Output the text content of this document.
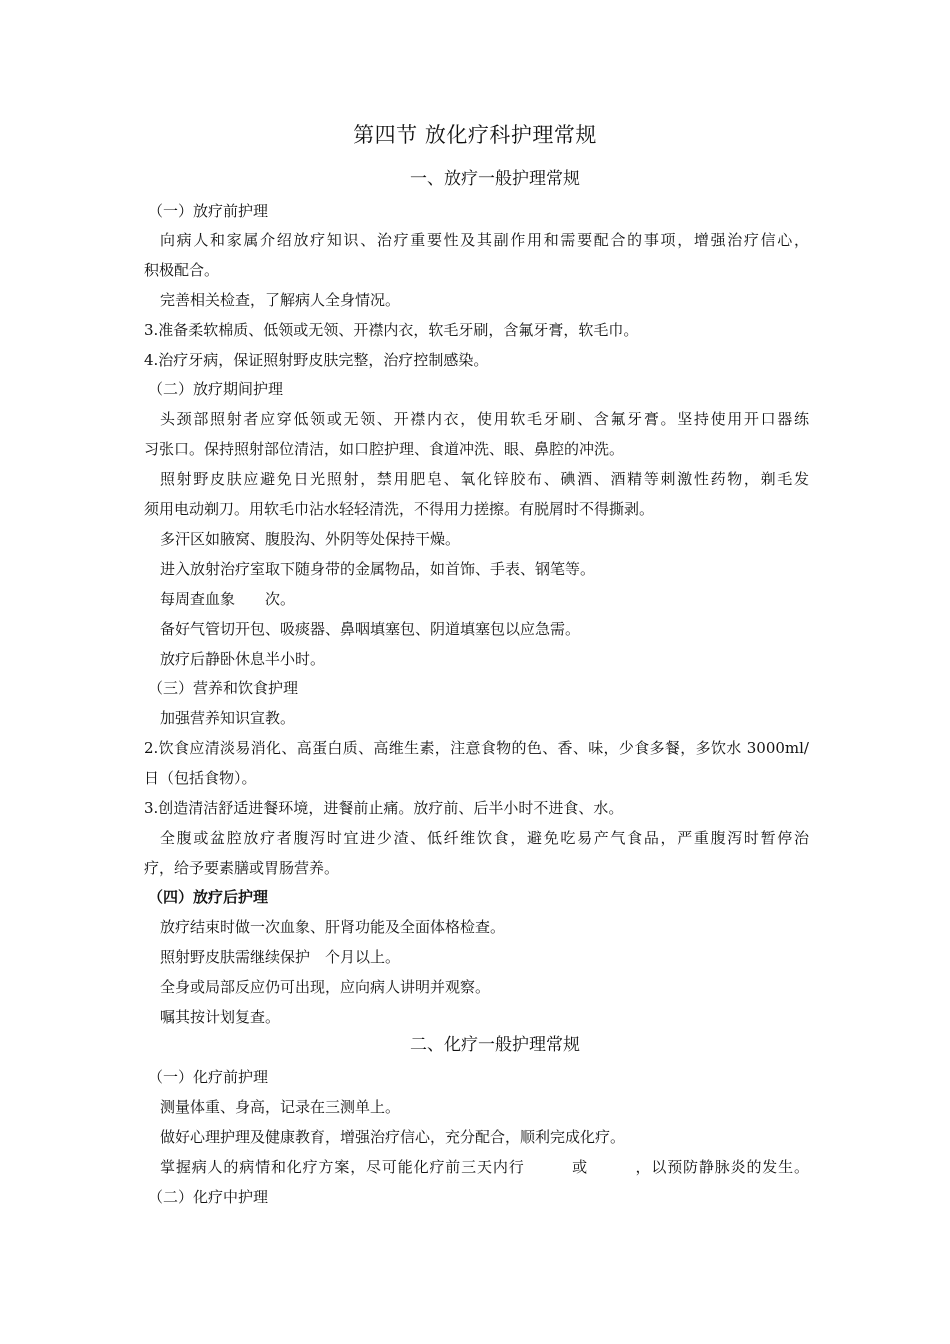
第四节 放化疗科护理常规
一、放疗一般护理常规
（一）放疗前护理
向病人和家属介绍放疗知识、治疗重要性及其副作用和需要配合的事项，增强治疗信心，
积极配合。
完善相关检查，了解病人全身情况。
3.准备柔软棉质、低领或无领、开襟内衣，软毛牙刷，含氟牙膏，软毛巾。
4.治疗牙病，保证照射野皮肤完整，治疗控制感染。
（二）放疗期间护理
头颈部照射者应穿低领或无领、开襟内衣，使用软毛牙刷、含氟牙膏。坚持使用开口器练
习张口。保持照射部位清洁，如口腔护理、食道冲洗、眼、鼻腔的冲洗。
照射野皮肤应避免日光照射，禁用肥皂、氧化锌胶布、碘酒、酒精等刺激性药物，剃毛发
须用电动剃刀。用软毛巾沾水轻轻清洗，不得用力搓擦。有脱屑时不得撕剥。
多汗区如腋窝、腹股沟、外阴等处保持干燥。
进入放射治疗室取下随身带的金属物品，如首饰、手表、钢笔等。
每周查血象　　次。
备好气管切开包、吸痰器、鼻咽填塞包、阴道填塞包以应急需。
放疗后静卧休息半小时。
（三）营养和饮食护理
加强营养知识宣教。
2.饮食应清淡易消化、高蛋白质、高维生素，注意食物的色、香、味，少食多餐，多饮水 3000ml/
日（包括食物）。
3.创造清洁舒适进餐环境，进餐前止痛。放疗前、后半小时不进食、水。
全腹或盆腔放疗者腹泻时宜进少渣、低纤维饮食，避免吃易产气食品，严重腹泻时暂停治
疗，给予要素膳或胃肠营养。
（四）放疗后护理
放疗结束时做一次血象、肝肾功能及全面体格检查。
照射野皮肤需继续保护　个月以上。
全身或局部反应仍可出现，应向病人讲明并观察。
嘱其按计划复查。
二、化疗一般护理常规
（一）化疗前护理
测量体重、身高，记录在三测单上。
做好心理护理及健康教育，增强治疗信心，充分配合，顺利完成化疗。
掌握病人的病情和化疗方案，尽可能化疗前三天内行　　　或　　　，以预防静脉炎的发生。
（二）化疗中护理
